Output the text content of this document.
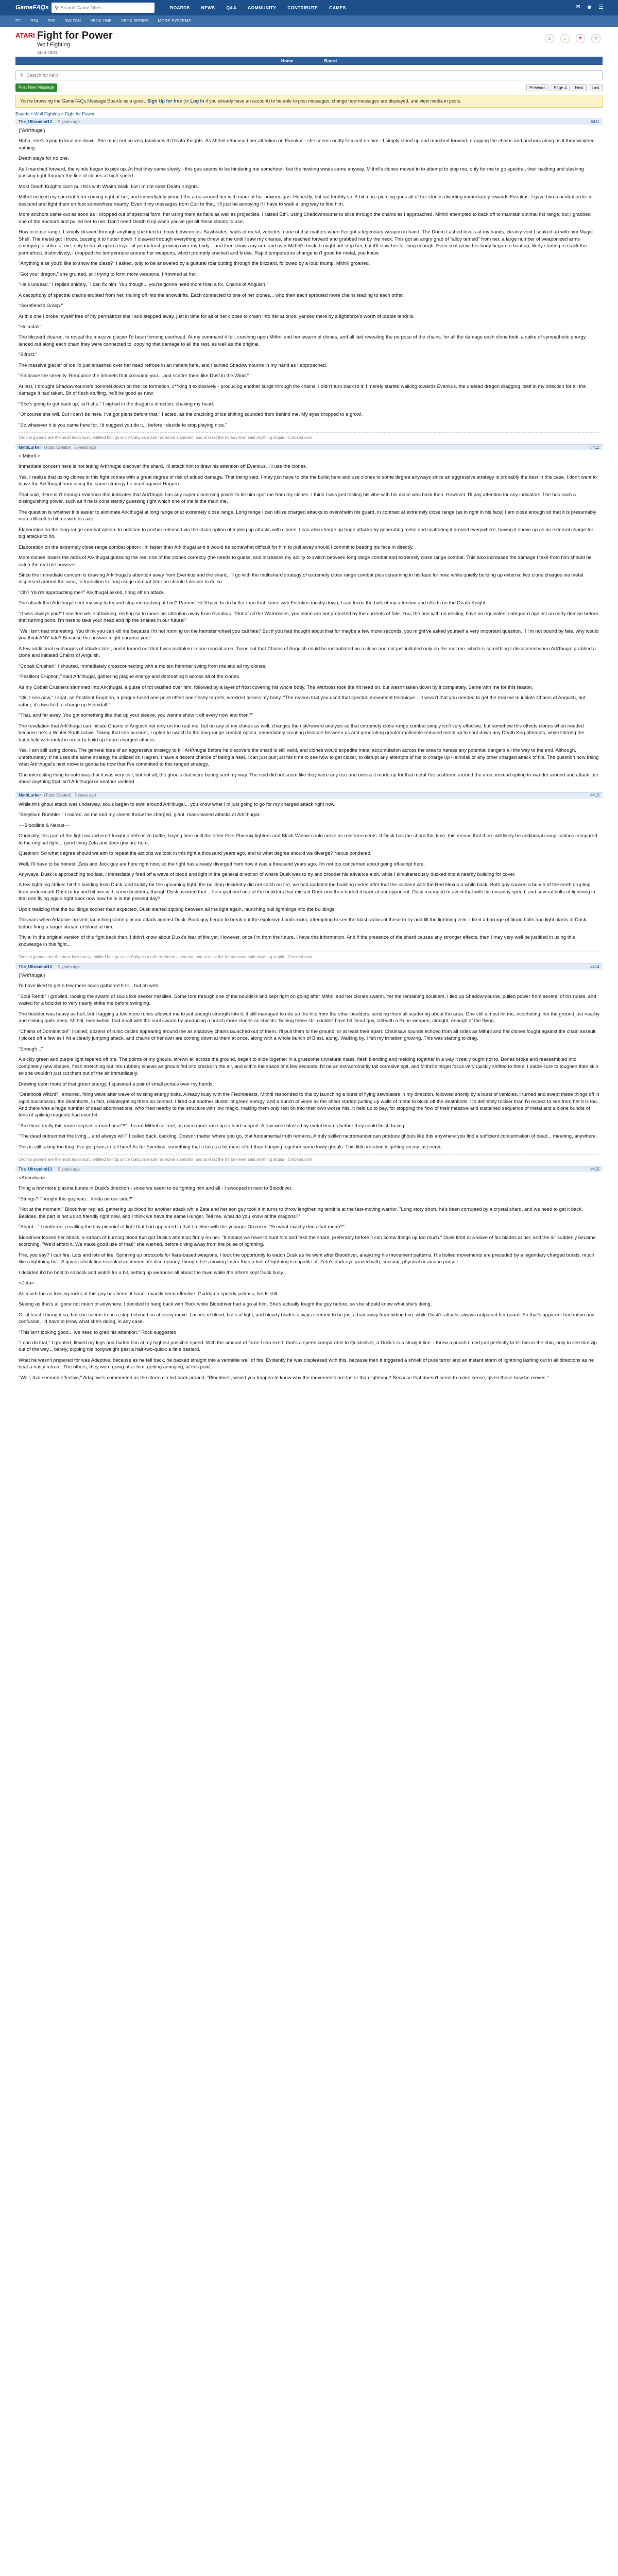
GameFAQs	⚲ Search Game Titles	BOARDS	NEWS	Q&A	COMMUNITY	CONTRIBUTE	GAMES	✉ ☻ ☰
PC PS4 PS5 SWITCH XBOX ONE XBOX SERIES MORE SYSTEMS
ATARI Fight for Power
Wolf Fighting
Atari 2600
⌂	♨	♥	☆
Home	Board
⚲ Search for help
Post New Message	Previous	Page 4	Next	Last
You're browsing the GameFAQs Message Boards as a guest. Sign Up for free (or Log In if you already have an account) to be able to post messages, change how messages are displayed, and view media in posts.
Boards > Wolf Fighting > Fight for Power
The_Ultramind13 5 years ago	#411

{"Ark'thugal}

Haha, she's trying to lose me down. She must not be very familiar with Death Knights. As Mithril refocused her attention on Evenkur - she seems oddly focused on him - I simply stood up and marched forward, dragging the chains and anchors along as if they weighed nothing.

Death stays for no one.

As I marched forward, the winds began to pick up. At first they came slowly - this gas seems to be hindering me somehow - but the howling winds came anyway. Mithril's clones moved in to attempt to stop me, only for me to go spectral, their hacking and slashing passing right through the line of clones at high speed.

Most Death Knights can't pull this with Wraith Walk, but I'm not most Death Knights.

Mithril noticed my spectral form coming right at her, and immediately pinned the area around her with more of her noxious gas. Honestly, but not terribly so. A bit more piercing goes all of her clones diverting immediately towards Evenkus. I gave him a neutral order to descend and fight them on foot somewhere nearby. Even if my messages from Cult to that, it'll just be annoying if I have to walk a long way to find him.

More anchors came out as soon as I dropped out of spectral form, her using them as flails as well as projectiles. I raised Ethi, using Shadowmourne to slice through the chains as I approached. Mithril attempted to back off to maintain optimal fist range, but I grabbed one of the anchors and pulled her to me. Don't need Death Grip when you've got all these chains to use.

How in close range, I simply cleaved through anything she tried to throw between us. Sawblades, walls of metal, vehicles, none of that matters when I've got a legendary weapon in hand. The Doom Lashed levels at my hands, cleanly void I soaked up with him Magic Shell. The metal got I froze, causing it to flutter down. I cleaved through everything she threw at me until I saw my chance, she reached forward and grabbed her by the neck. This got an angry grab of "alloy temeld" from her, a large number of weaponized arms emerging to strike at me, only to break upon a layer of permafrost growing over my body... and then shows my arm and over Mithril's neck. It might not stop her, but it'll slow her for long enough. Even so it grew, her body began to heat up, likely starting to crack the permafrost. Instinctively, I dropped the temperature around her weapons, which promptly cracked and broke. Rapid temperature change isn't good for metal, you know.

"Anything else you'd like to show the class?" I asked, only to be answered by a guttural roar cutting through the blizzard, followed by a loud thump. Mithril groaned.

"Got your dragon," she grunted, still trying to form more weapons. I frowned at her.

"He's undead," I replied snidely, "I can fix him. You though... you're gonna need more than a fix. Chains of Anguish."

A cacophony of spectral chains erupted from her, trailing off into the snowdrifts. Each connected to one of her clones... who then each sprouted more chains leading to each other.

"Gorefiend's Grasp."

At this one I broke myself free of my permafrost shell and stepped away, just in time for all of her clones to crash into her at once, yanked there by a lightforce's worth of purple tendrils.

"Heimdall."

The blizzard cleared, to reveal the massive glacier I'd been forming overhead. At my command it fell, crashing upon Mithril and her swarm of clones, and all laid revealing the purpose of the chains, for all the damage each clone took, a spike of sympathetic energy lanced out along each chain they were connected to, copying that damage to all the rest, as well as the original.

"Bifrost."

The massive glacier of ice I'd just smashed over her head refroze in an instant here, and I tainted Shadowmourne in my hand as I approached.

"Embrace the serenity. Renounce the helmets that consume you... and scatter them like Dust in the Wind."

At last, I brought Shadowmourne's pommel down on the ice formation, c**king it explosively - producing another surge through the chains. I didn't turn back to it; I merely started walking towards Evenkus, the undead dragon dragging itself in my direction for all the damage it had taken. Bit of flesh-stuffing, he'll be good as new.

"She's going to get back up, isn't she," I sighed in the dragon's direction, shaking my head.

"Of course she will. But I can't be here. I've got plans before that," I acted, as the crackling of ice shifting sounded from behind me. My eyes dropped to a growl.

"So whatever it is you came here for, I'd suggest you do it... before I decide to stop playing nice."

Ordinal gamers are the most ludicrously entitled beings since Caligula made his horse a senator, and at least the horse never said anything stupid - Cracked.com
MythLurker (Topic Creator) 5 years ago	#412

< Mithril >

Immediate concern here is not letting Ark'thugal discover the shard. I'll attack him to draw his attention off Evenkus. I'll use the clones.

Yes, I realize that using clones in this fight comes with a great degree of risk of added damage. That being said, I may just have to bite the bullet here and use clones to some degree anyways since an aggressive strategy is probably the best in this case. I don't want to leave the Ark'thugal from using the same strategy he used against Hagren.

That said, there isn't enough evidence that indicates that Ark'thugal has any super discerning power to let him spot me from my clones. I think I was just testing his vibe with his mace was back then. However, I'll pay attention for any indicators if he has such a distinguishing power, such as if he is consistently guessing right which one of me is the main me.

The question is whether it is easier to eliminate Ark'thugal at long range or at extremely close range. Long range I can utilize charged attacks to overwhelm his guard, in contrast at extremely close range (as in right in his face) I am close enough so that it is presumably more difficult to hit me with his axe.

Elaboration on the long-range combat option. In addition to anchor released via the chain option of tripling up attacks with clones, I can also charge up huge attacks by generating metal and scattering it around everywhere, having it shove up as an external charge for big attacks to hit.

Elaboration on the extremely close range combat option: I'm faster than Ark'thugal and it would be somewhat difficult for him to pull away should I commit to beating his face in directly.

More clones lowers the odds of Ark'thugal guessing the real one of the clones correctly (the needs to guess, and increases my ability to switch between long range combat and extremely close range combat. This also increases the damage I take from him should he catch the real me however.

Since the immediate concern is drawing Ark'thugal's attention away from Evenkus and the shard, I'll go with the multishard strategy of extremely close range combat plus screaming in his face for now, while quietly building up external two clone charges via metal dispersed around the area, to transition to long-range combat later on should I decide to do so.

"Oh? You're approaching me?" Ark'thugal asked, tiring off an attack.

The attack that Ark'thugal sent my way to try and stop me rushing at him? Parried. He'll have to do better than that, since with Evenkus mostly down, I can focus the bulk of my attention and efforts on the Death Knight.

"It was always you!" I scolded while attacking, nerfing so to move his attention away from Evenkus. "Out of all the Warbosses, you alone are not protected by the currents of fate. You, the one with no destiny, have no equivalent safeguard against an early demise before that turning point. I'm here to take your head and rip the snakes in our future!"

"Well isn't that interesting. You think you can kill me because I'm not running on the hamster wheel you call fate? But if you had thought about that for maybe a few more seconds, you might've asked yourself a very important question. If I'm not bound by fate, why would you think ANY fate? Because the answer might surprise you!"

A few additional exchanges of attacks later, and it turned out that I was mistaken in one crucial area. Turns out that Chains of Anguish could be instantiated on a clone and not just initiated only on the real me, which is something I discovered when Ark'thugal grabbed a clone and initiated Chains of Anguish.

"Cobalt Crusher!" I shouted, immediately crossconnecting with a molten hammer swing from me and all my clones.

"Pestilent Eruption," said Ark'thugal, gathering plague energy and detonating it across all of the clones.

As my Cobalt Crushers slammed into Ark'thugal, a pulse of rot washed over him, followed by a layer of frost covering his whole body. The Warboss took the hit head on, but wasn't taken down by it completely. Same with me for this reason.

"Ok, I see now," I spat, as Pestilent Eruption, a plague-fused one-point effect non-fleshy targets, wrecked across my body. "The reason that you used that spectral movement technique... it wasn't that you needed to get the real me to initiate Chains of Anguish, but rather, it's two-fold to charge up Heimdall."

"That, and far away. You got something like that up your sleeve, you wanna show it off every now and then?"

The revelation that Ark'thugal can initiate Chains of Anguish not only on the real me, but on any of my clones as well, changes the risk/reward analysis so that extremely close-range combat simply isn't very effective, but somehow this effects clones when needed because he's a Winter Shrift active. Taking that into account, I opted to switch to the long-range combat option, immediately creating distance between us and generating greater malleable reduced metal up to shut down any Death Kirq attempts, while littering the battlefield with metal in order to build up future charged attacks.

Yes, I am still using clones. The general idea of an aggressive strategy to kill Ark'thugal before he discovers the shard is still valid, and clones would expedite metal accumulation across the area to harass any potential dangers all the way to the end. Although, unfortunately, if he uses the same strategy he utilized on Hagren, I have a decent chance of being a heel. I can just pull just his time to see how to get closer, to disrupt any attempts of his to charge up Heimdall or any other charged attack of his. The question now being what Ark'thugal's next move is gonna be now that I've committed to this ranged strategy.

One interesting thing to note was that it was very evil, but not all, the ghouls that were boring sent my way. The void did not seem like they were any use and unless it made up for that metal I've scattered around the area, instead opting to wander around and attack just about anything that isn't Ark'thugal or another undead.

MythLurker (Topic Creator) 5 years ago	#413

While this ghoul attack was underway, souls began to swirl around Ark'thugal... you know what I'm just going to go for my charged attack right now.

"Beryllium Rumbler!" I roared, as me and my clones throw the charged, giant, mass-based attacks at Ark'thugal.

~~Bloodline & Nexus~~

Originally, this part of the fight was where I fought a defensive battle, buying time until the other Five Phoenix fighters and Black Widow could arrive as reinforcements. If Dusk has the shard this time, this means that there will likely be additional complications compared to the original fight... good thing Zeta and Jeck guy are here.

Question: So what degree should we aim to repeat the actions we took in this fight a thousand years ago, and to what degree should we diverge? Nexus pondered.

Well, I'll have to be honest. Zeta and Jeck guy are here right now, so the fight has already diverged from how it was a thousand years ago. I'm not too concerned about going off-script here.

Anyways, Dusk is approaching too fast. I immediately fired off a wave of blood and light in the general direction of where Dusk was to try and brooder his advance a bit, while I simultaneously ducked into a nearby building for cover.

A few lightning strikes hit the building from Dusk, and luckily for the upcoming fight, the building decidedly did not catch on fire, we had updated the building codes after that the incident with the Red Nexus a while back. Both guy caused a bunch of the earth erupting from underneath Dusk to try and hit him with some boulders, though Dusk avoided that... Zeta grabbed one of the boulders that missed Dusk and then hurled it back at our opponent. Dusk managed to avoid that with his uncanny speed, and several bolts of lightning in that one flying again right back now how he is in the present day?

Upon realizing that the buildings sooner than expected, Dusk started zipping between all the light again, launching bull lightnings into the buildings.

This was when Adaptive arrived, launching some plasma attack against Dusk. Buck guy began to break out the explosive bomb rocks, attempting to see the blast radius of these to try and fill the lightning vein. I fired a barrage of blood bolts and light blasts at Dusk, before firing a larger stream of blood at him.

Trivia: In the original version of this fight back then, I didn't know about Dusk's fear of fire yet. However, once I'm from the future, I have this information. And if the presence of the shard causes any stronger effects, then I may very well be justified in using this knowledge in this fight...

Ordinal gamers are the most ludicrously entitled beings since Caligula made his horse a senator, and at least the horse never said anything stupid - Cracked.com
The_Ultramind13 5 years ago	#414

{"Ark'thugal}

I'd have liked to get a few more souls gathered first... but oh well.

"Soul Rend!" I growled, loosing the swarm of souls like seeker missiles. Some tore through one of the boulders and kept right on going after Mithril and her clones swarm. Yet the remaining boulders, I lied up Shadowmourne, pulled power from several of his runes, and waited for a boulder to very nearly strike me before swinging.

The boulder was heavy as hell, but I tagging a few more runes allowed me to put enough strength into it, it still managed to ride up the hits from the other boulders, sending them all scattering about the area. One still almost hit me, ricocheting into the ground just nearby and sinking quite deep. Mithril, meanwhile, had dealt with the soul swarm by producing a bunch more clones as shields. Seeing those still couldn't have hit Dead guy, still with a Rune weapon, straight, enough of the flying.

"Chains of Domination!" I called, dozens of runic circles appearing around me as shadowy chains launched out of them. I'll pull them to the ground, or at least their apart. Chainsaw sounds echoed from all sides as Mithril and her clones fought against the chain assault. I picked off a few as I hit a clearly jumping attack, and chains of her own are coming down at them at once, along with a whole bunch of Blast, along. Walking by, I felt my irritation growing. This was starting to drag.

"Enough..."

A sickly green and purple light tapered off me. The points of my ghouls, strewn all across the ground, began to slide together in a gruesome unnatural mass, flesh blending and melding together in a way it really ought not to. Bones broke and reassembled into completely new shapes, flesh stretching out into rubbery sinews as ghouls fed into cracks in the air, and within the space of a few seconds, I'd be an extraordinarily tall corrosive spit, and Mithril's target focus very quickly shifted to them. I made sure to toughen their skin so she wouldn't just cut them out of the air immediately.

Drawing upon more of that green energy, I spawned a pair of small portals over my hands.

"Deathbolt Witch!" I entoned, firing wave after wave of twisting energy bolts. Already busy with the Flechbeasts, Mithril responded to this by launching a burst of flying sawblades in my direction, followed shortly by a burst of vehicles. I turned and swept these things off in rapid succession, the deathbolts, in fact, disintegrating them on contact. I fired out another cluster of green energy, and a bunch of vines as the sheet started putting up walls of metal to block off the deathbolts. It's definitely trickier than I'd expect to see from her it is too. And there was a huge number of dead abominations, who fired nearby to the structure with low magic, making them only rest on into their own worse hits. It held up to pay, for stopping the flow of their massive and sustained sequence of metal and a clone bundle of tons of spiking reagents had ever hit.

"Are there really this more corpses around here?!" I heard Mithril call out, as even more rose up to lend support. A few were blasted by metal beams before they could finish fusing.

"The dead outnumber the living... and always will!" I called back, cackling. Doesn't matter where you go, that fundamental truth remains. A truly skilled necromancer can produce ghouls like this anywhere you find a sufficient concentration of dead... meaning, anywhere.

This is still taking too long. I've got plans to tell here! As for Evenkus, something that it takes a bit more effort than bringing together some lowly ghouls. This little irritation is getting on my last nerve.

Ordinal gamers are the most ludicrously entitled beings since Caligula made his horse a senator, and at least the horse never said anything stupid - Cracked.com
The_Ultramind13 5 years ago	#415

<Abendian>

Firing a few more plasma bursts in Dusk's direction - since we seem to be fighting him and all - I swooped in next to Bloodriver.

"Strings? Thought this guy was... kinda on our side?"

"Not at the moment," Bloodriver replied, gathering up blood for another attack while Zeta and her son guy took it in turns to throw lengthening tendrils at the fast-moving warrior. "Long story short, he's been corrupted by a crystal shard, and we need to get it back. Besides, the part is not us so friendly right now, and I think we have the same Hunger. Tell me, what do you know of the dragons?"

"Shard..." I muttered, recalling the tiny pinpoint of light that had appeared in that timeline with the younger Orcrusm. "So what exactly does that mean?"

Bloodriver loosed her attack, a stream of burning blood that got Dusk's attention firmly on her. "It means we have to hunt him and take the shard, preferably before it can screw things up too much." Dusk fired at a wave of his blades at her, and the air suddenly became scorching. "We'd afford it. We make good use of that!" she warned, before diving away from the pulse of lightning.

Fire, you say? I can fire. Lots and lots of fire. Spinning up protocols for flare-based weapons, I took the opportunity to watch Dusk as he went after Bloodriver, analyzing his movement patterns. His bolted movements are preceded by a legendary charged bursts, much like a lightning bolt. A quick calculation revealed an immediate discrepancy, though; he's moving faster than a bolt of lightning is capable of. Zeta's dark eye grazed with, sensing, physical or arcane pursuit.

I decided it'd be best to sit back and watch for a bit, setting up weapons all about the town while the others kept Dusk busy.

<Zeta>

As much fun as tossing rocks at this guy has been, it hasn't exactly been effective. Goddamn speedy jackass, holds still.

Seeing as that's all gone not much of anywhere, I decided to hang back with Rock while Bloodriver had a go at him. She's actually fought the guy before, so she should know what she's doing.

Or at least I thought so, but she seems to be a step behind him at every move. Lashes of blood, bolts of light, and bloody blades always seemed to be just a hair away from hitting him, while Dusk's attacks always outpaced her guard. So that's apparent frustration and confusion, I'd have to know what she's doing, in any case.

"This isn't looking good... we need to grab his attention," Rock suggested.

"I can do that," I grunted, flexed my legs and hurled him at my highest possible speed. With the amount of force I can exert, that's a speed comparable to Quicksilver, a Dusk's is a straight line. I threw a punch timed just perfectly to hit him in the chin, only to see him zip out of the way... barely, dipping his bodyweight past a hair-two-quick: a little bastard.

What he wasn't prepared for was Adaptive, because as he fell back, he backed straight into a veritable wall of fire. Evidently he was displeased with this, because then it triggered a shriek of pure terror and an instant storm of lightning lashing out in all directions as he beat a hasty retreat. The others, they were going after him, getting annoying, at this point.

"Well, that seemed effective," Adaptive's commented as the storm circled back around. "Bloodriver, would you happen to know why the movements are faster than lightning? Because that doesn't seem to make sense, given those how he moves."
